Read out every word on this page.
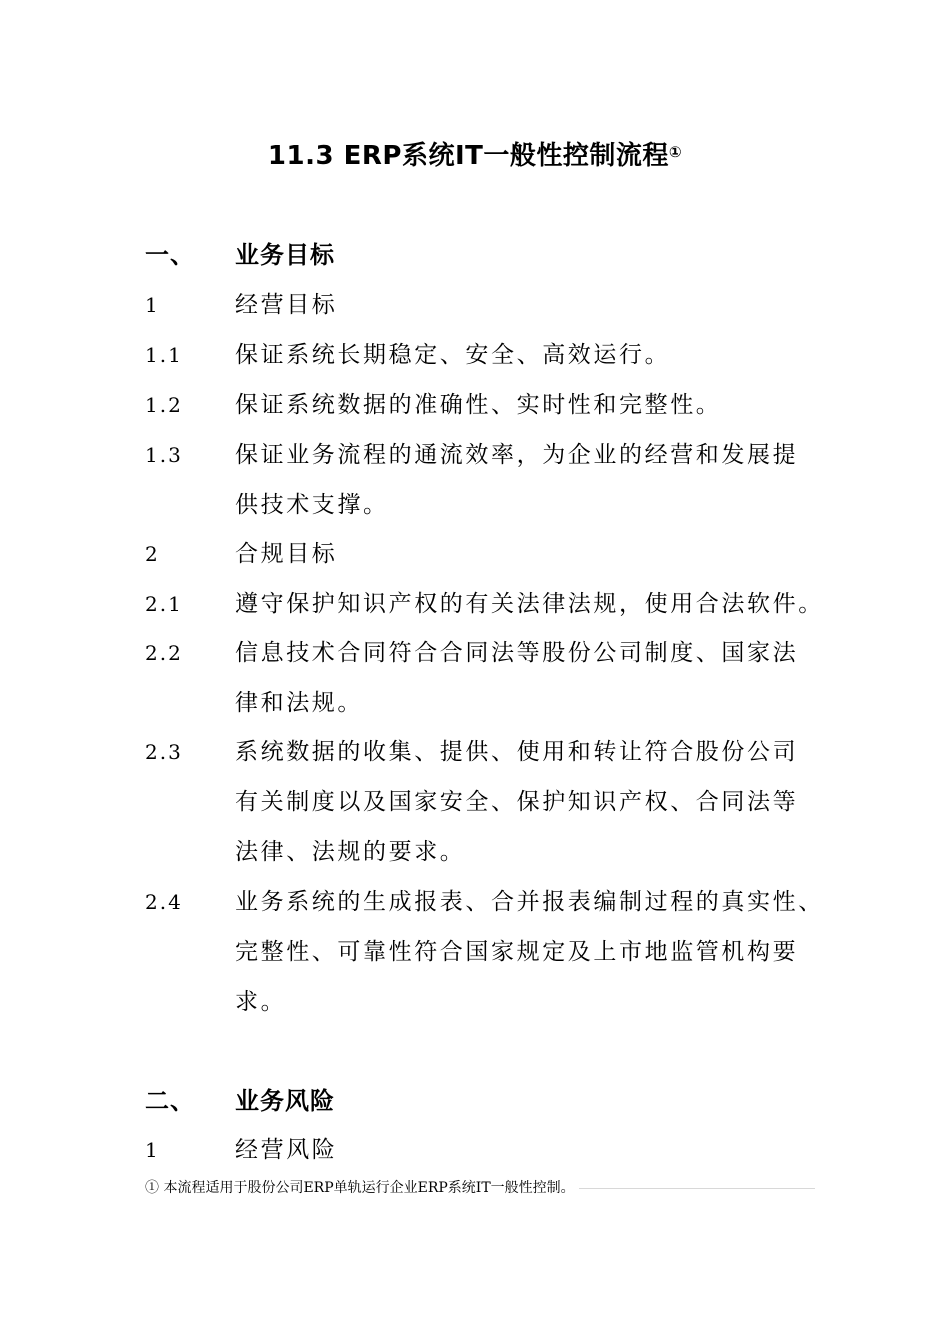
11.3 ERP系统IT一般性控制流程①
一、	业务目标
1	经营目标
1.1	保证系统长期稳定、安全、高效运行。
1.2	保证系统数据的准确性、实时性和完整性。
1.3	保证业务流程的通流效率，为企业的经营和发展提
供技术支撑。
2	合规目标
2.1	遵守保护知识产权的有关法律法规，使用合法软件。
2.2	信息技术合同符合合同法等股份公司制度、国家法
律和法规。
2.3	系统数据的收集、提供、使用和转让符合股份公司
有关制度以及国家安全、保护知识产权、合同法等
法律、法规的要求。
2.4	业务系统的生成报表、合并报表编制过程的真实性、
完整性、可靠性符合国家规定及上市地监管机构要
求。
二、	业务风险
1	经营风险
① 本流程适用于股份公司ERP单轨运行企业ERP系统IT一般性控制。
